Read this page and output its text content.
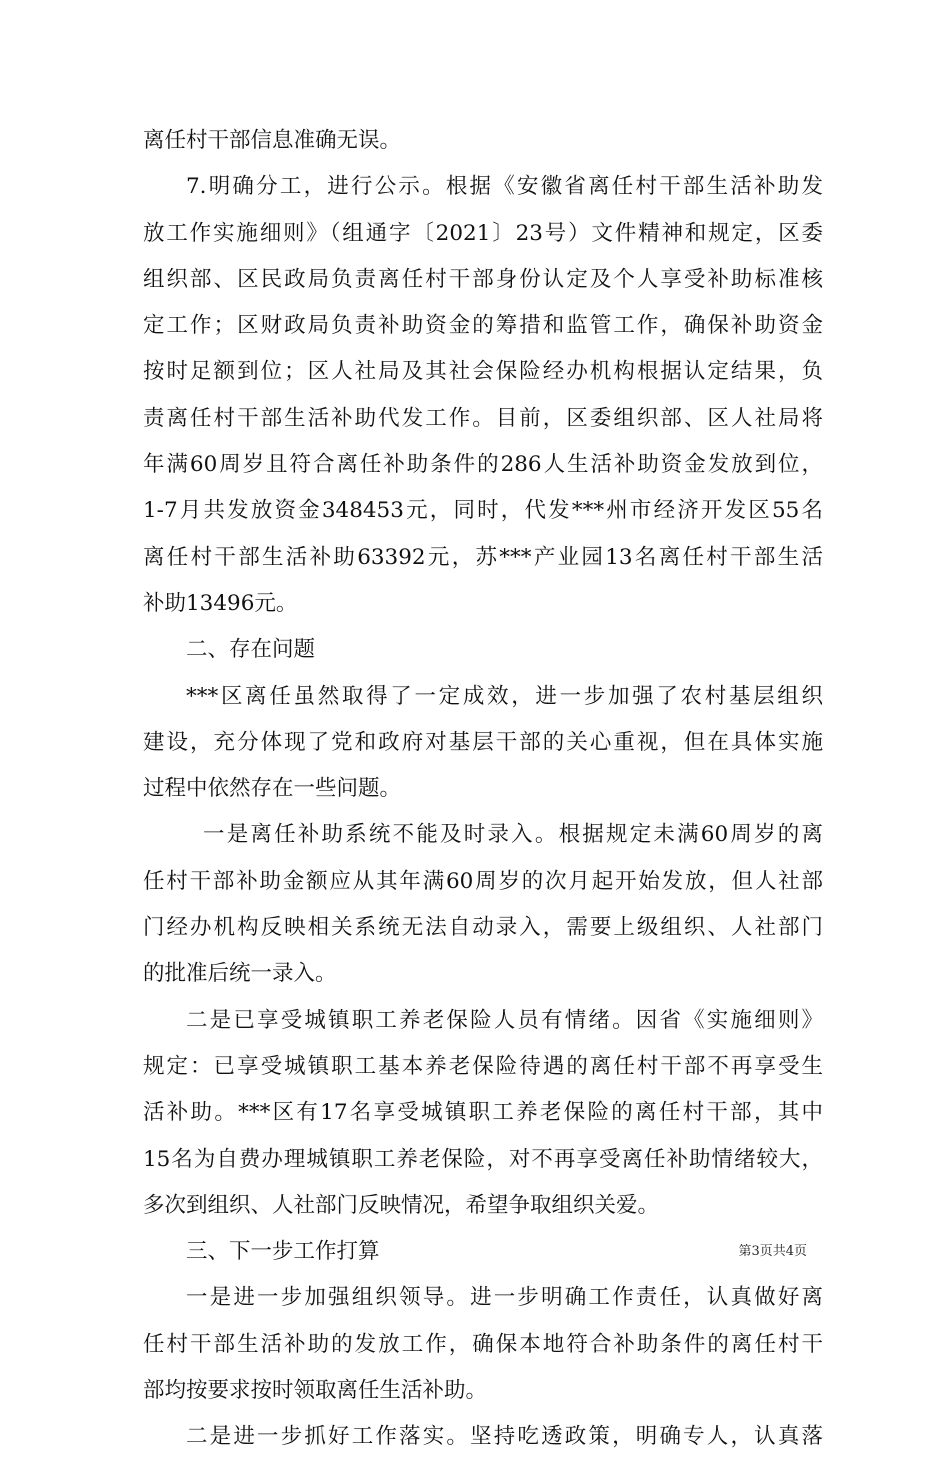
离任村干部信息准确无误。
7.明确分工，进行公示。根据《安徽省离任村干部生活补助发
放工作实施细则》（组通字〔2021〕23号）文件精神和规定，区委
组织部、区民政局负责离任村干部身份认定及个人享受补助标准核
定工作；区财政局负责补助资金的筹措和监管工作，确保补助资金
按时足额到位；区人社局及其社会保险经办机构根据认定结果，负
责离任村干部生活补助代发工作。目前，区委组织部、区人社局将
年满60周岁且符合离任补助条件的286人生活补助资金发放到位，
1-7月共发放资金348453元，同时，代发***州市经济开发区55名
离任村干部生活补助63392元，苏***产业园13名离任村干部生活
补助13496元。
二、存在问题
***区离任虽然取得了一定成效，进一步加强了农村基层组织
建设，充分体现了党和政府对基层干部的关心重视，但在具体实施
过程中依然存在一些问题。
一是离任补助系统不能及时录入。根据规定未满60周岁的离
任村干部补助金额应从其年满60周岁的次月起开始发放，但人社部
门经办机构反映相关系统无法自动录入，需要上级组织、人社部门
的批准后统一录入。
二是已享受城镇职工养老保险人员有情绪。因省《实施细则》
规定：已享受城镇职工基本养老保险待遇的离任村干部不再享受生
活补助。***区有17名享受城镇职工养老保险的离任村干部，其中
15名为自费办理城镇职工养老保险，对不再享受离任补助情绪较大，
多次到组织、人社部门反映情况，希望争取组织关爱。
三、下一步工作打算
一是进一步加强组织领导。进一步明确工作责任，认真做好离
任村干部生活补助的发放工作，确保本地符合补助条件的离任村干
部均按要求按时领取离任生活补助。
二是进一步抓好工作落实。坚持吃透政策，明确专人，认真落
第3页共4页
